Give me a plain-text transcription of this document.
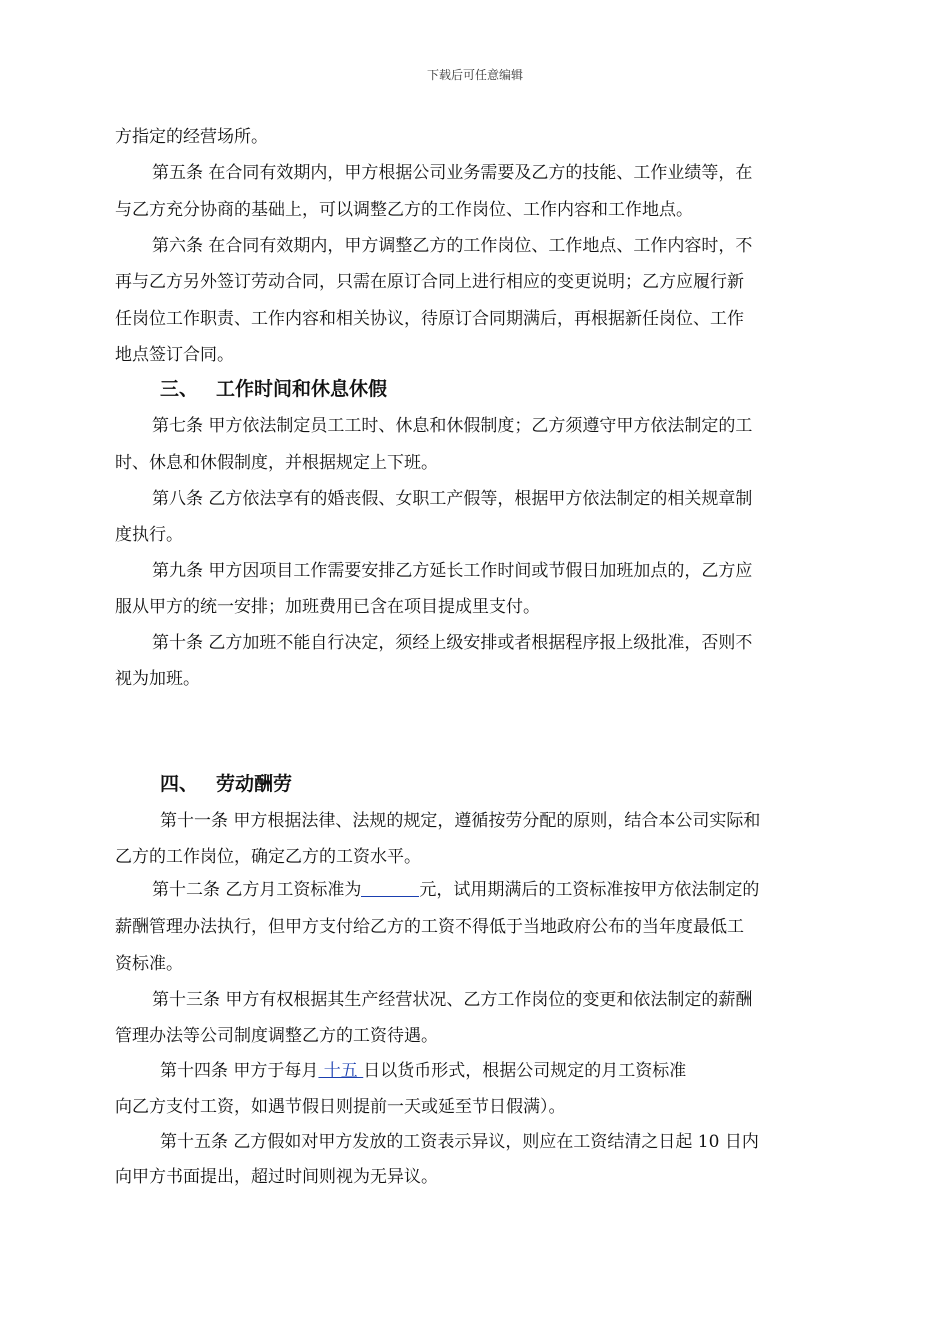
下载后可任意编辑
方指定的经营场所。
第五条 在合同有效期内，甲方根据公司业务需要及乙方的技能、工作业绩等，在
与乙方充分协商的基础上，可以调整乙方的工作岗位、工作内容和工作地点。
第六条 在合同有效期内，甲方调整乙方的工作岗位、工作地点、工作内容时，不
再与乙方另外签订劳动合同，只需在原订合同上进行相应的变更说明；乙方应履行新
任岗位工作职责、工作内容和相关协议，待原订合同期满后，再根据新任岗位、工作
地点签订合同。
三、 工作时间和休息休假
第七条 甲方依法制定员工工时、休息和休假制度；乙方须遵守甲方依法制定的工
时、休息和休假制度，并根据规定上下班。
第八条 乙方依法享有的婚丧假、女职工产假等，根据甲方依法制定的相关规章制
度执行。
第九条 甲方因项目工作需要安排乙方延长工作时间或节假日加班加点的，乙方应
服从甲方的统一安排；加班费用已含在项目提成里支付。
第十条 乙方加班不能自行决定，须经上级安排或者根据程序报上级批准，否则不
视为加班。
四、 劳动酬劳
第十一条 甲方根据法律、法规的规定，遵循按劳分配的原则，结合本公司实际和
乙方的工作岗位，确定乙方的工资水平。
第十二条 乙方月工资标准为	元，试用期满后的工资标准按甲方依法制定的
薪酬管理办法执行，但甲方支付给乙方的工资不得低于当地政府公布的当年度最低工
资标准。
第十三条 甲方有权根据其生产经营状况、乙方工作岗位的变更和依法制定的薪酬
管理办法等公司制度调整乙方的工资待遇。
第十四条 甲方于每月 十五 日以货币形式，根据公司规定的月工资标准
向乙方支付工资，如遇节假日则提前一天或延至节日假满）。
第十五条 乙方假如对甲方发放的工资表示异议，则应在工资结清之日起 10 日内
向甲方书面提出，超过时间则视为无异议。
